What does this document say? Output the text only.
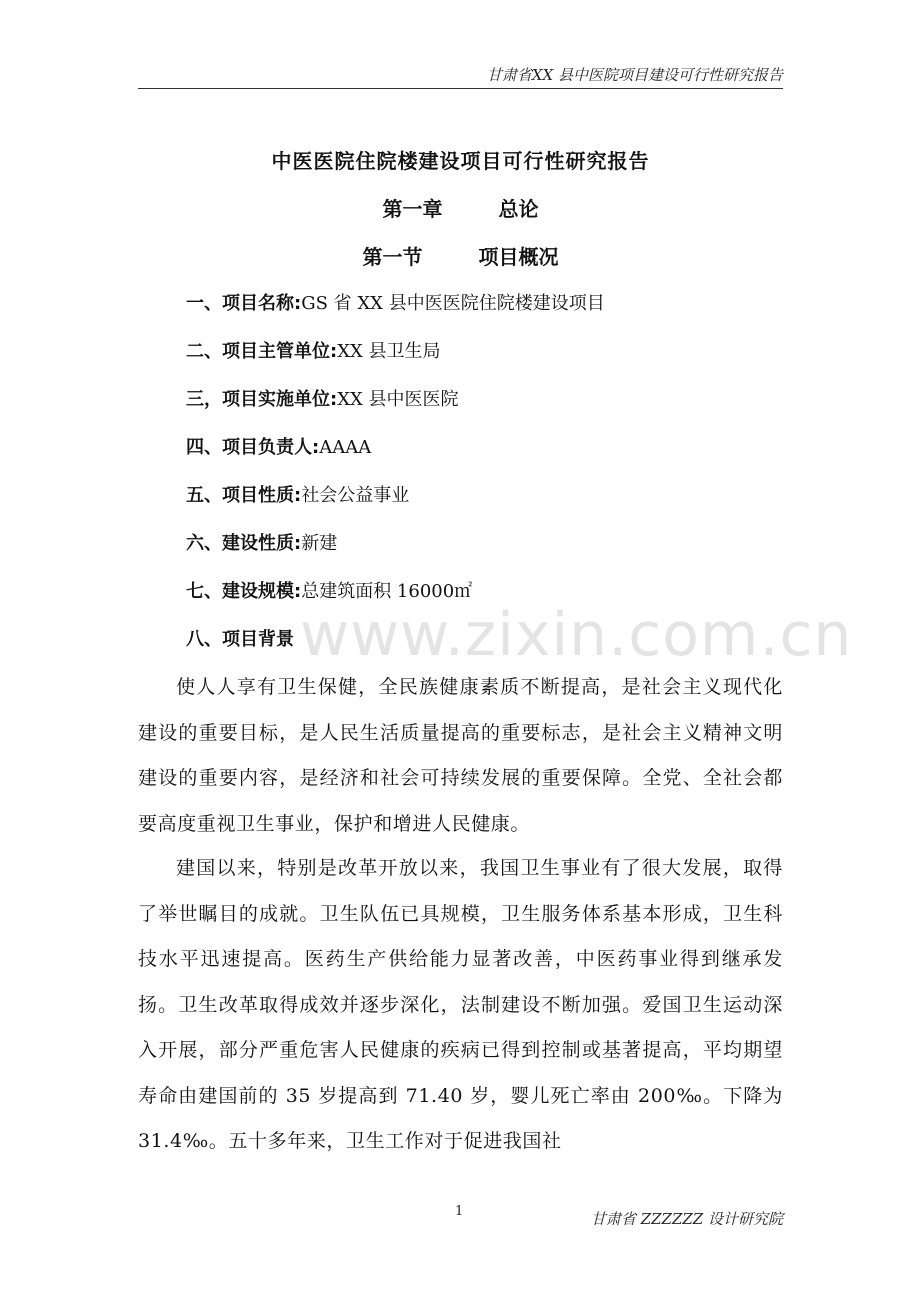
甘肃省XX 县中医院项目建设可行性研究报告
www.zixin.com.cn
中医医院住院楼建设项目可行性研究报告
第一章	总论
第一节	项目概况
一、项目名称:GS 省 XX 县中医医院住院楼建设项目
二、项目主管单位:XX 县卫生局
三，项目实施单位:XX 县中医医院
四、项目负责人:AAAA
五、项目性质:社会公益事业
六、建设性质:新建
七、建设规模:总建筑面积 16000㎡
八、项目背景
使人人享有卫生保健，全民族健康素质不断提高，是社会主义现代化建设的重要目标，是人民生活质量提高的重要标志，是社会主义精神文明建设的重要内容，是经济和社会可持续发展的重要保障。全党、全社会都要高度重视卫生事业，保护和增进人民健康。
建国以来，特别是改革开放以来，我国卫生事业有了很大发展，取得了举世瞩目的成就。卫生队伍已具规模，卫生服务体系基本形成，卫生科技水平迅速提高。医药生产供给能力显著改善，中医药事业得到继承发扬。卫生改革取得成效并逐步深化，法制建设不断加强。爱国卫生运动深入开展，部分严重危害人民健康的疾病已得到控制或基著提高，平均期望寿命由建国前的 35 岁提高到 71.40 岁，婴儿死亡率由 200‰。下降为 31.4‰。五十多年来，卫生工作对于促进我国社
1	甘肃省 ZZZZZZ 设计研究院
